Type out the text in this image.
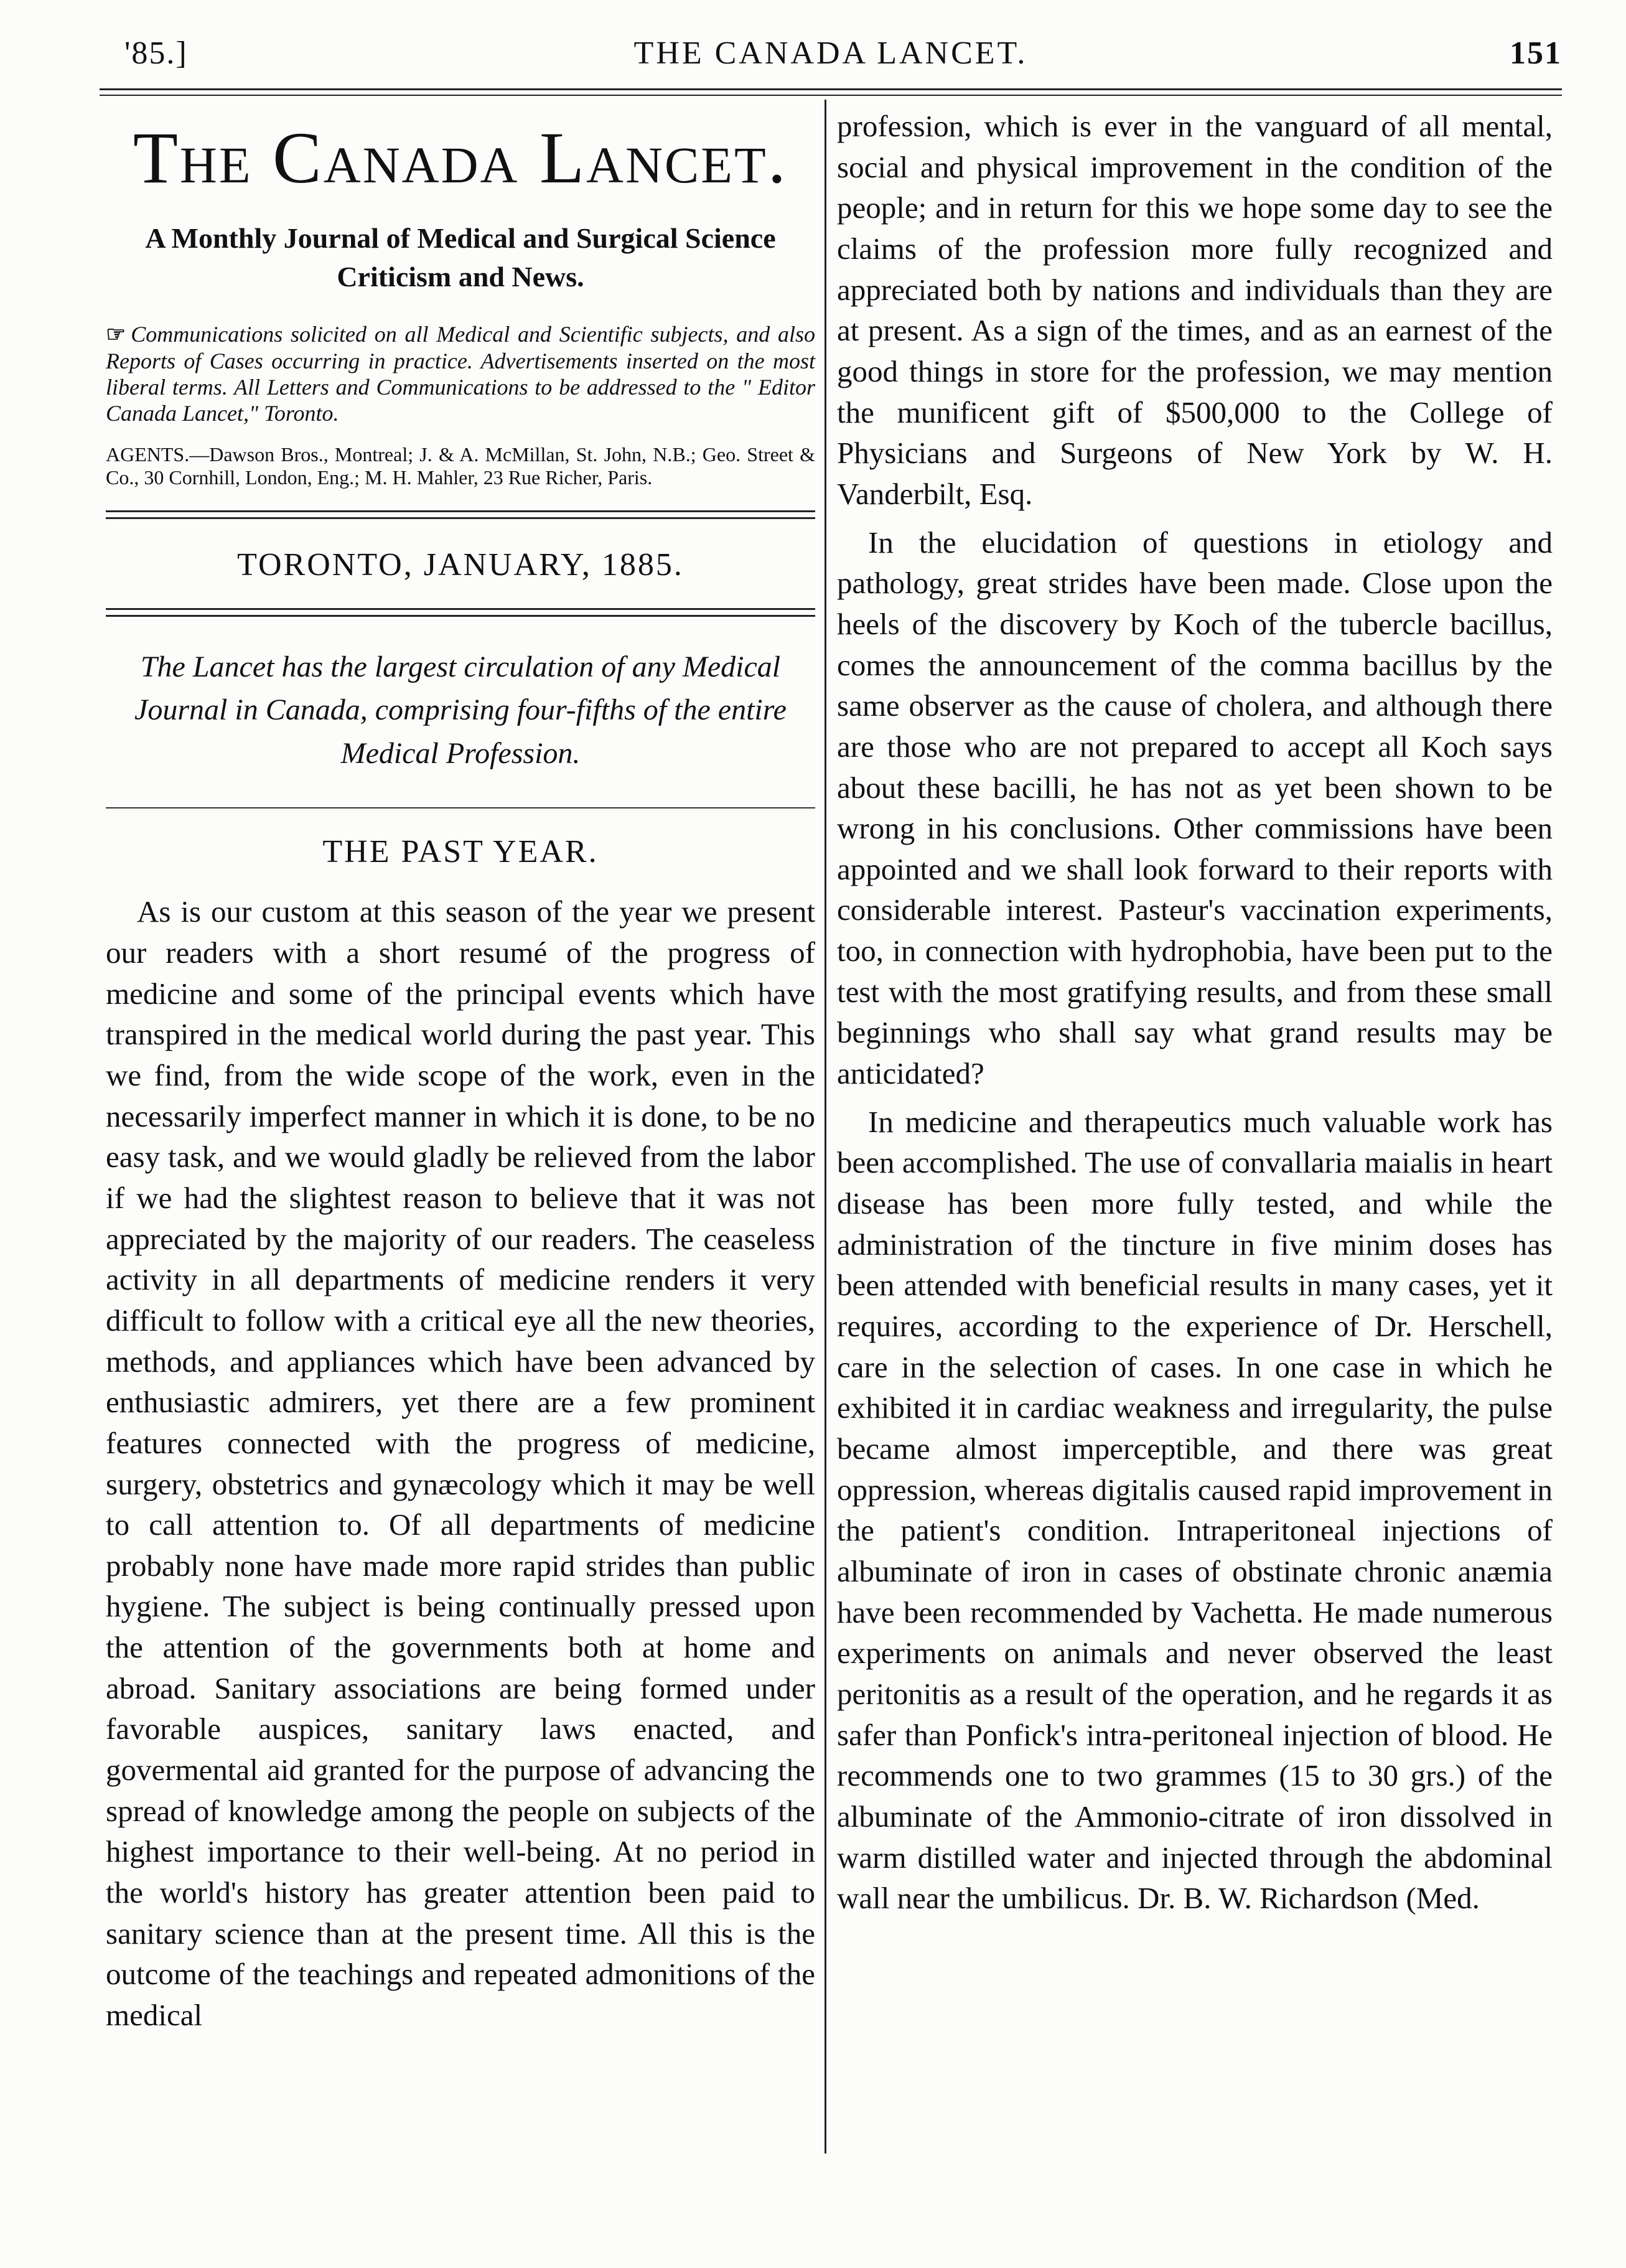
'85.]	THE CANADA LANCET.	151
The Canada Lancet.
A Monthly Journal of Medical and Surgical Science Criticism and News.

☞ Communications solicited on all Medical and Scientific subjects, and also Reports of Cases occurring in practice. Advertisements inserted on the most liberal terms. All Letters and Communications to be addressed to the " Editor Canada Lancet," Toronto.

AGENTS.—Dawson Bros., Montreal; J. & A. McMillan, St. John, N.B.; Geo. Street & Co., 30 Cornhill, London, Eng.; M. H. Mahler, 23 Rue Richer, Paris.

TORONTO, JANUARY, 1885.
The Lancet has the largest circulation of any Medical Journal in Canada, comprising four-fifths of the entire Medical Profession.
THE PAST YEAR.

As is our custom at this season of the year we present our readers with a short resumé of the progress of medicine and some of the principal events which have transpired in the medical world during the past year. This we find, from the wide scope of the work, even in the necessarily imperfect manner in which it is done, to be no easy task, and we would gladly be relieved from the labor if we had the slightest reason to believe that it was not appreciated by the majority of our readers. The ceaseless activity in all departments of medicine renders it very difficult to follow with a critical eye all the new theories, methods, and appliances which have been advanced by enthusiastic admirers, yet there are a few prominent features connected with the progress of medicine, surgery, obstetrics and gynæcology which it may be well to call attention to. Of all departments of medicine probably none have made more rapid strides than public hygiene. The subject is being continually pressed upon the attention of the governments both at home and abroad. Sanitary associations are being formed under favorable auspices, sanitary laws enacted, and govermental aid granted for the purpose of advancing the spread of knowledge among the people on subjects of the highest importance to their well-being. At no period in the world's history has greater attention been paid to sanitary science than at the present time. All this is the outcome of the teachings and repeated admonitions of the medical

profession, which is ever in the vanguard of all mental, social and physical improvement in the condition of the people; and in return for this we hope some day to see the claims of the profession more fully recognized and appreciated both by nations and individuals than they are at present. As a sign of the times, and as an earnest of the good things in store for the profession, we may mention the munificent gift of $500,000 to the College of Physicians and Surgeons of New York by W. H. Vanderbilt, Esq.

In the elucidation of questions in etiology and pathology, great strides have been made. Close upon the heels of the discovery by Koch of the tubercle bacillus, comes the announcement of the comma bacillus by the same observer as the cause of cholera, and although there are those who are not prepared to accept all Koch says about these bacilli, he has not as yet been shown to be wrong in his conclusions. Other commissions have been appointed and we shall look forward to their reports with considerable interest. Pasteur's vaccination experiments, too, in connection with hydrophobia, have been put to the test with the most gratifying results, and from these small beginnings who shall say what grand results may be anticidated?

In medicine and therapeutics much valuable work has been accomplished. The use of convallaria maialis in heart disease has been more fully tested, and while the administration of the tincture in five minim doses has been attended with beneficial results in many cases, yet it requires, according to the experience of Dr. Herschell, care in the selection of cases. In one case in which he exhibited it in cardiac weakness and irregularity, the pulse became almost imperceptible, and there was great oppression, whereas digitalis caused rapid improvement in the patient's condition. Intraperitoneal injections of albuminate of iron in cases of obstinate chronic anæmia have been recommended by Vachetta. He made numerous experiments on animals and never observed the least peritonitis as a result of the operation, and he regards it as safer than Ponfick's intra-peritoneal injection of blood. He recommends one to two grammes (15 to 30 grs.) of the albuminate of the Ammonio-citrate of iron dissolved in warm distilled water and injected through the abdominal wall near the umbilicus. Dr. B. W. Richardson (Med.
